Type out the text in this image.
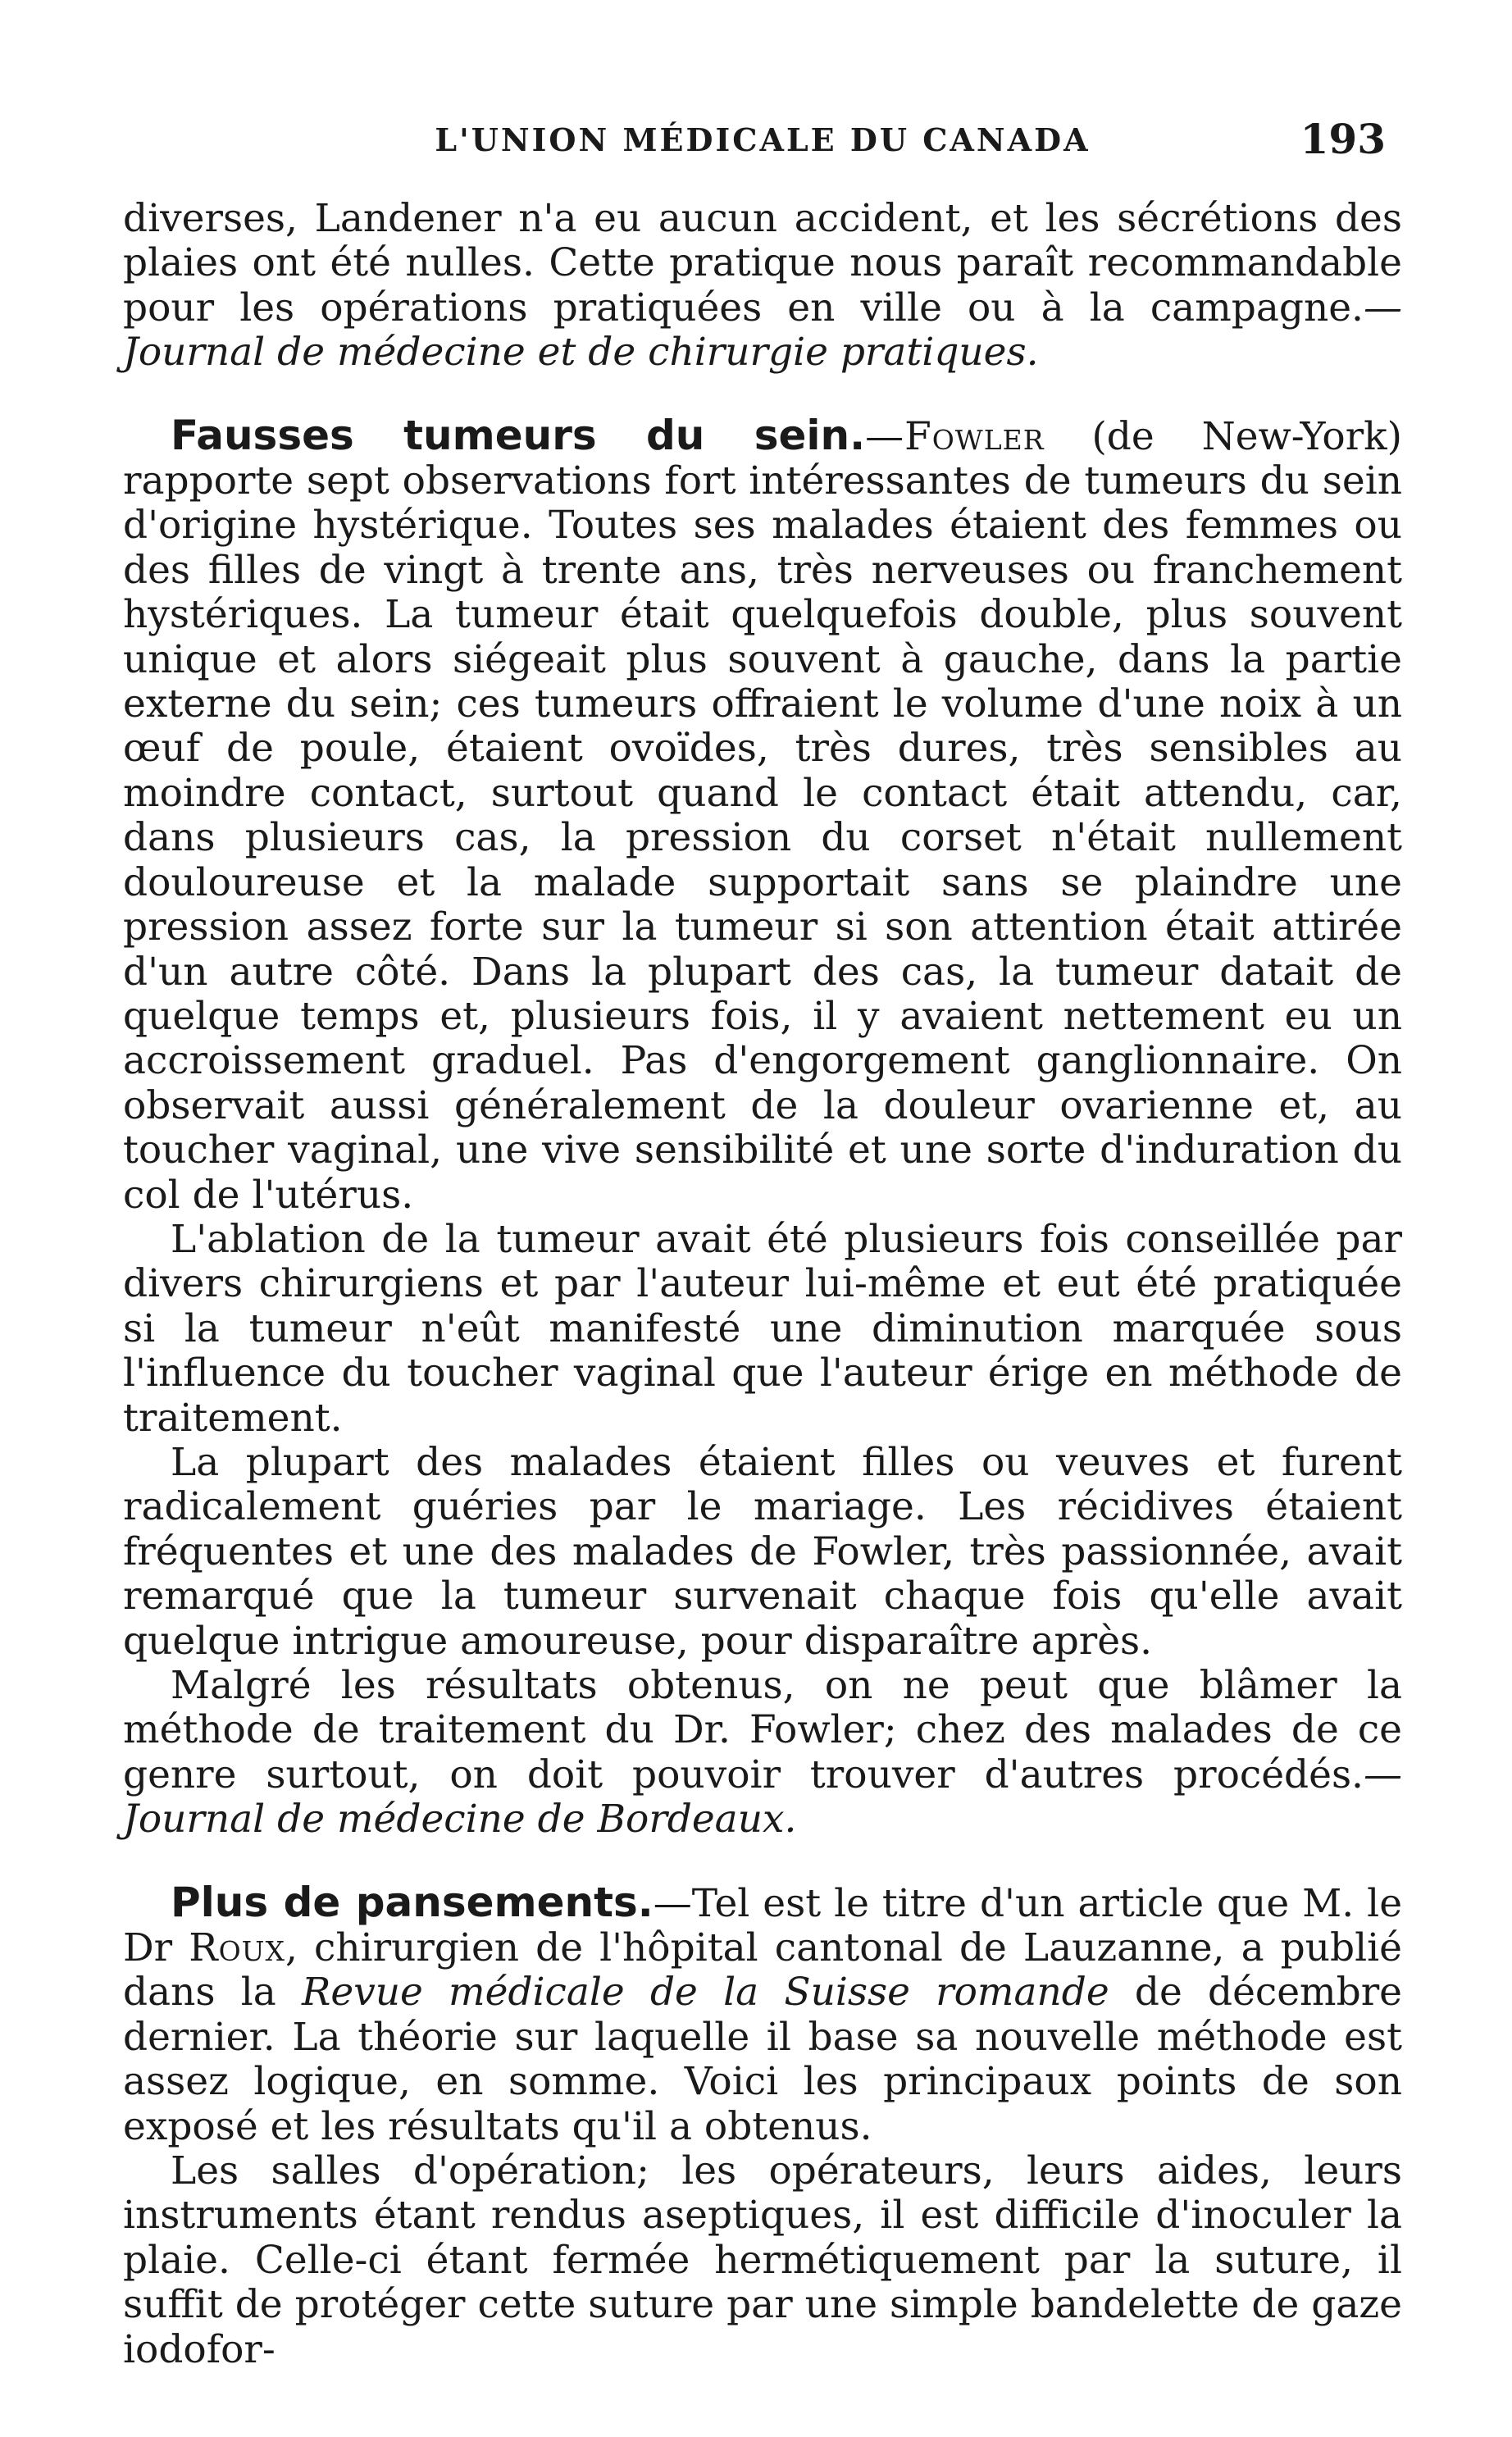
L'UNION MÉDICALE DU CANADA	193

diverses, Landener n'a eu aucun accident, et les sécrétions des plaies ont été nulles. Cette pratique nous paraît recommandable pour les opérations pratiquées en ville ou à la campagne.—Journal de médecine et de chirurgie pratiques.

Fausses tumeurs du sein.—Fowler (de New-York) rapporte sept observations fort intéressantes de tumeurs du sein d'origine hystérique. Toutes ses malades étaient des femmes ou des filles de vingt à trente ans, très nerveuses ou franchement hystériques. La tumeur était quelquefois double, plus souvent unique et alors siégeait plus souvent à gauche, dans la partie externe du sein; ces tumeurs offraient le volume d'une noix à un œuf de poule, étaient ovoïdes, très dures, très sensibles au moindre contact, surtout quand le contact était attendu, car, dans plusieurs cas, la pression du corset n'était nullement douloureuse et la malade supportait sans se plaindre une pression assez forte sur la tumeur si son attention était attirée d'un autre côté. Dans la plupart des cas, la tumeur datait de quelque temps et, plusieurs fois, il y avaient nettement eu un accroissement graduel. Pas d'engorgement ganglionnaire. On observait aussi généralement de la douleur ovarienne et, au toucher vaginal, une vive sensibilité et une sorte d'induration du col de l'utérus.

L'ablation de la tumeur avait été plusieurs fois conseillée par divers chirurgiens et par l'auteur lui-même et eut été pratiquée si la tumeur n'eût manifesté une diminution marquée sous l'influence du toucher vaginal que l'auteur érige en méthode de traitement.

La plupart des malades étaient filles ou veuves et furent radicalement guéries par le mariage. Les récidives étaient fréquentes et une des malades de Fowler, très passionnée, avait remarqué que la tumeur survenait chaque fois qu'elle avait quelque intrigue amoureuse, pour disparaître après.

Malgré les résultats obtenus, on ne peut que blâmer la méthode de traitement du Dr. Fowler; chez des malades de ce genre surtout, on doit pouvoir trouver d'autres procédés.—Journal de médecine de Bordeaux.

Plus de pansements.—Tel est le titre d'un article que M. le Dr Roux, chirurgien de l'hôpital cantonal de Lauzanne, a publié dans la Revue médicale de la Suisse romande de décembre dernier. La théorie sur laquelle il base sa nouvelle méthode est assez logique, en somme. Voici les principaux points de son exposé et les résultats qu'il a obtenus.

Les salles d'opération; les opérateurs, leurs aides, leurs instruments étant rendus aseptiques, il est difficile d'inoculer la plaie. Celle-ci étant fermée hermétiquement par la suture, il suffit de protéger cette suture par une simple bandelette de gaze iodofor-
